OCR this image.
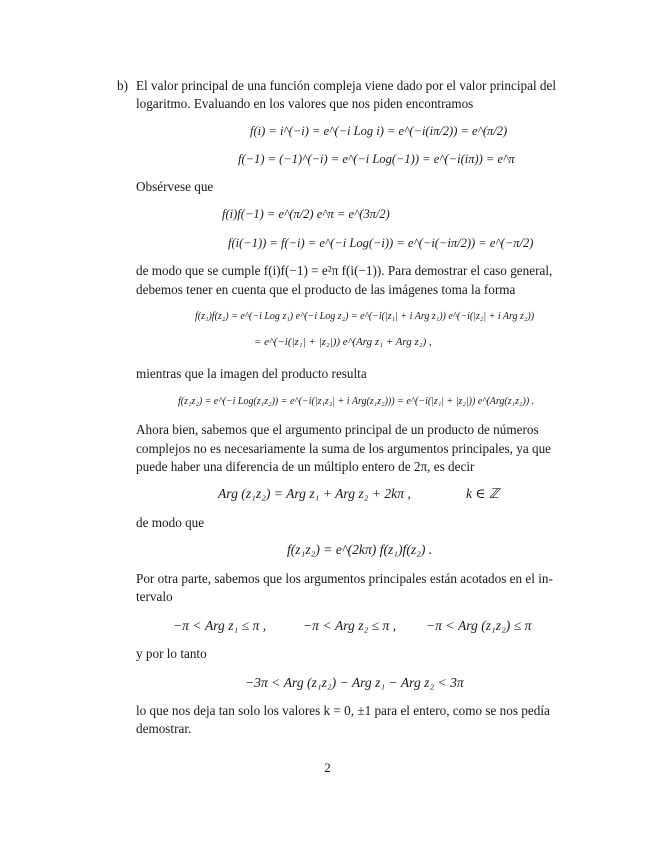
b) El valor principal de una función compleja viene dado por el valor principal del

logaritmo. Evaluando en los valores que nos piden encontramos

f(i) = i^(−i) = e^(−i Log i) = e^(−i(iπ/2)) = e^(π/2)

f(−1) = (−1)^(−i) = e^(−i Log(−1)) = e^(−i(iπ)) = e^π

Obsérvese que

f(i)f(−1) = e^(π/2) e^π = e^(3π/2)

f(i(−1)) = f(−i) = e^(−i Log(−i)) = e^(−i(−iπ/2)) = e^(−π/2)

de modo que se cumple f(i)f(−1) = e²π f(i(−1)). Para demostrar el caso general,

debemos tener en cuenta que el producto de las imágenes toma la forma

f(z₁)f(z₂) = e^(−i Log z₁) e^(−i Log z₂) = e^(−i(|z₁| + i Arg z₁)) e^(−i(|z₂| + i Arg z₂))

= e^(−i(|z₁| + |z₂|)) e^(Arg z₁ + Arg z₂) ,

mientras que la imagen del producto resulta

f(z₁z₂) = e^(−i Log(z₁z₂)) = e^(−i(|z₁z₂| + i Arg(z₁z₂))) = e^(−i(|z₁| + |z₂|)) e^(Arg(z₁z₂)) .

Ahora bien, sabemos que el argumento principal de un producto de números

complejos no es necesariamente la suma de los argumentos principales, ya que

puede haber una diferencia de un múltiplo entero de 2π, es decir

Arg (z₁z₂) = Arg z₁ + Arg z₂ + 2kπ ,	k ∈ ℤ

de modo que

f(z₁z₂) = e^(2kπ) f(z₁)f(z₂) .

Por otra parte, sabemos que los argumentos principales están acotados en el in-

tervalo

−π < Arg z₁ ≤ π ,	−π < Arg z₂ ≤ π , −π < Arg (z₁z₂) ≤ π

y por lo tanto

−3π < Arg (z₁z₂) − Arg z₁ − Arg z₂ < 3π

lo que nos deja tan solo los valores k = 0, ±1 para el entero, como se nos pedía

demostrar.

2
